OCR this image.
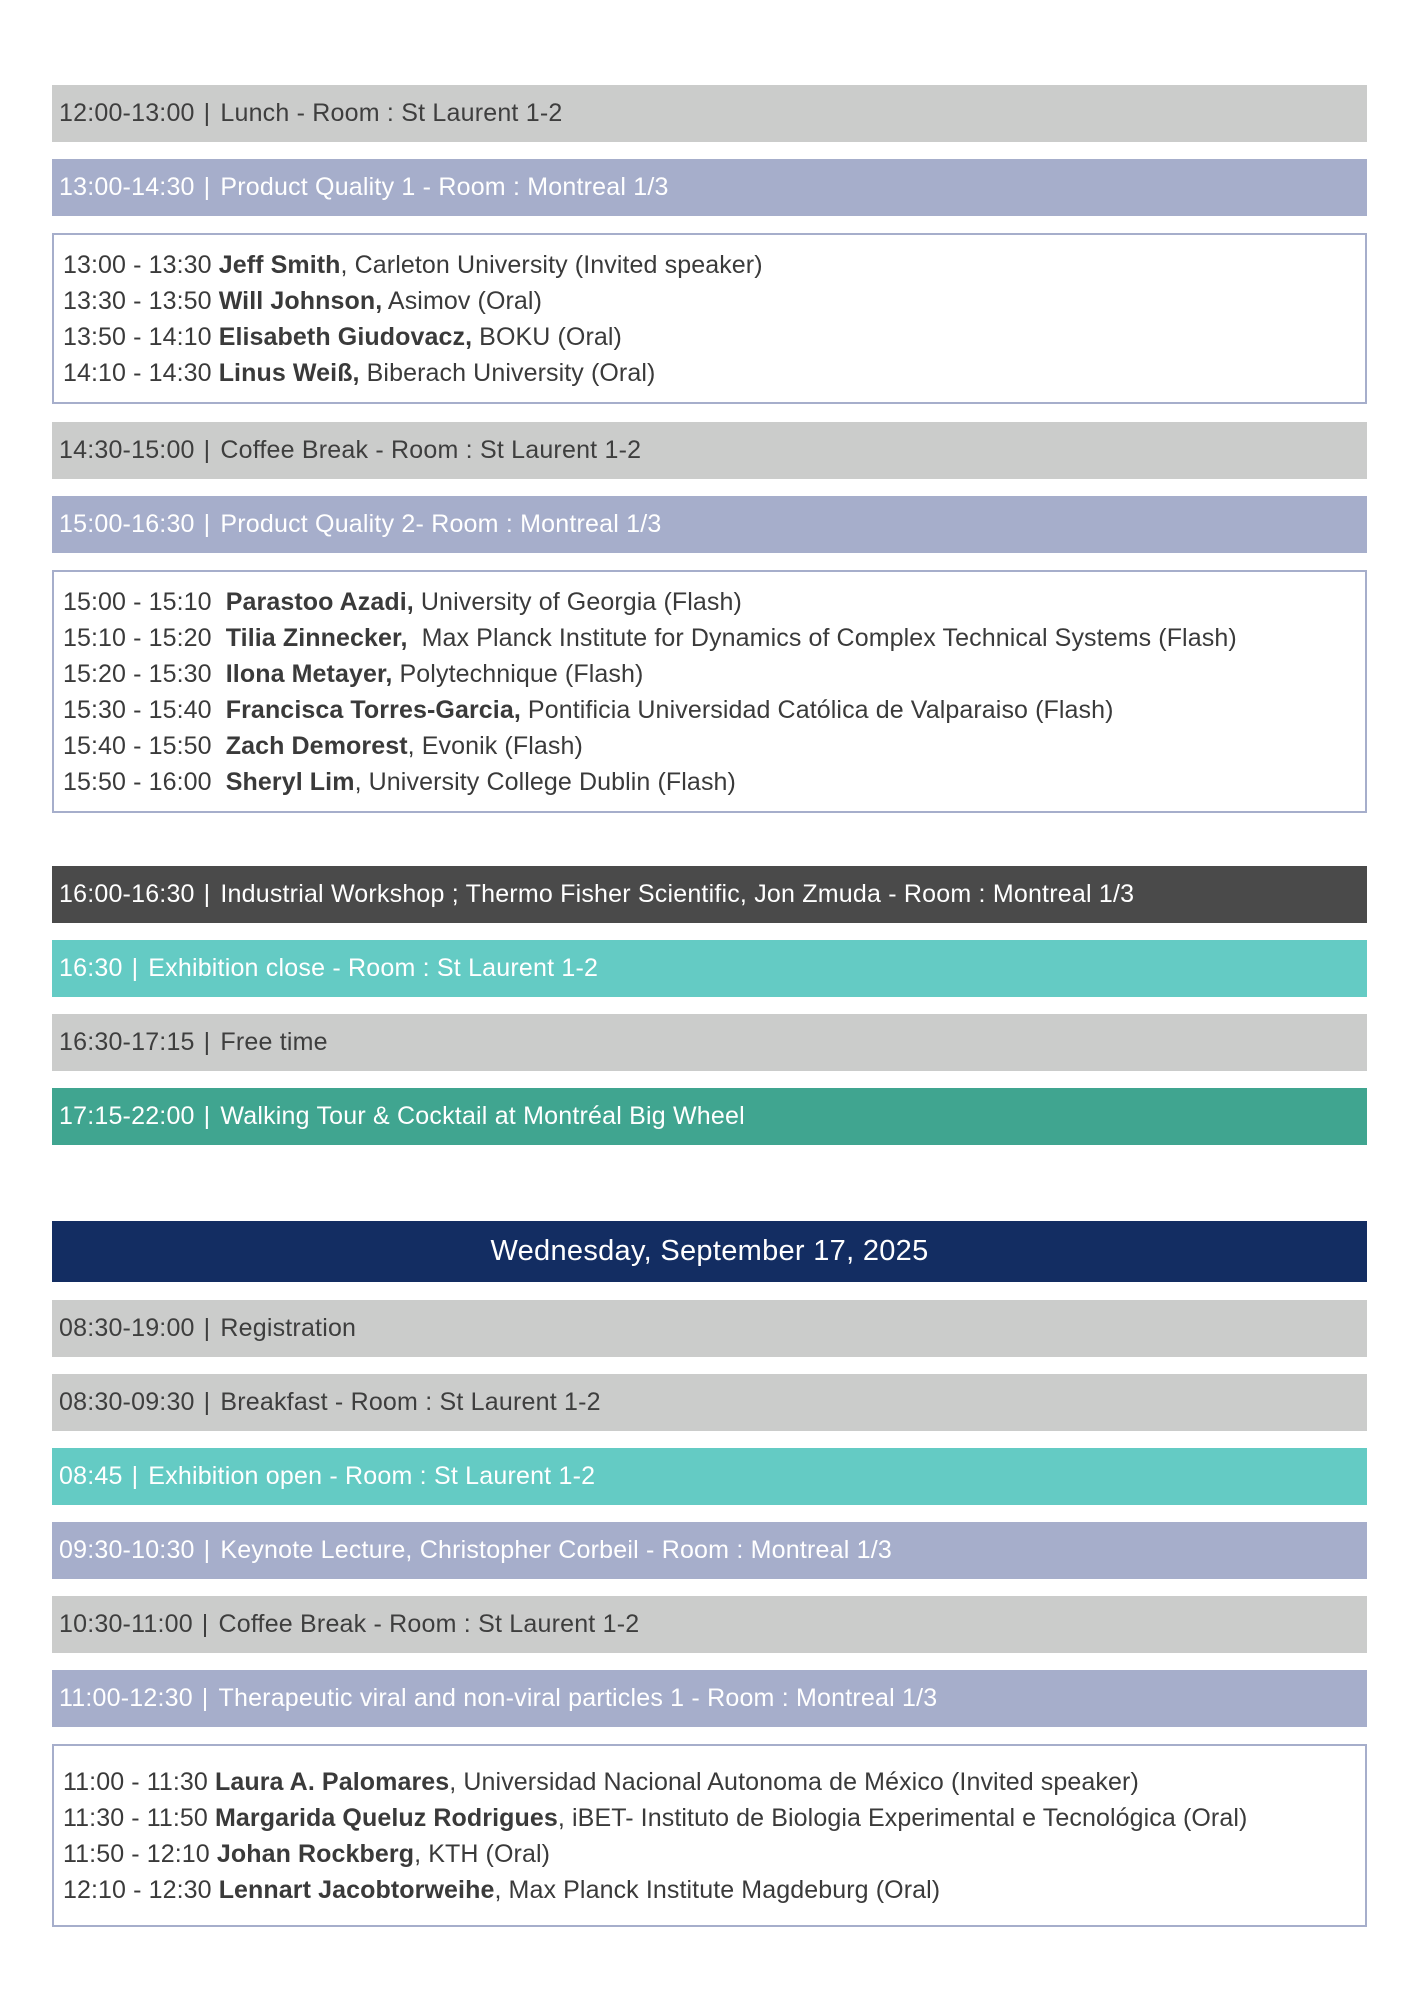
12:00-13:00 | Lunch - Room : St Laurent 1-2
13:00-14:30 | Product Quality 1 - Room : Montreal 1/3
13:00 - 13:30 Jeff Smith, Carleton University (Invited speaker)
13:30 - 13:50 Will Johnson, Asimov (Oral)
13:50 - 14:10 Elisabeth Giudovacz, BOKU (Oral)
14:10 - 14:30 Linus Weiß, Biberach University (Oral)
14:30-15:00 | Coffee Break - Room : St Laurent 1-2
15:00-16:30 | Product Quality 2- Room : Montreal 1/3
15:00 - 15:10 Parastoo Azadi, University of Georgia (Flash)
15:10 - 15:20 Tilia Zinnecker,  Max Planck Institute for Dynamics of Complex Technical Systems (Flash)
15:20 - 15:30 Ilona Metayer, Polytechnique (Flash)
15:30 - 15:40 Francisca Torres-Garcia, Pontificia Universidad Católica de Valparaiso (Flash)
15:40 - 15:50 Zach Demorest, Evonik (Flash)
15:50 - 16:00 Sheryl Lim, University College Dublin (Flash)
16:00-16:30 | Industrial Workshop ; Thermo Fisher Scientific, Jon Zmuda - Room : Montreal 1/3
16:30 | Exhibition close - Room : St Laurent 1-2
16:30-17:15 | Free time
17:15-22:00 | Walking Tour & Cocktail at Montréal Big Wheel
Wednesday, September 17, 2025
08:30-19:00 | Registration
08:30-09:30 | Breakfast - Room : St Laurent 1-2
08:45 | Exhibition open - Room : St Laurent 1-2
09:30-10:30 | Keynote Lecture, Christopher Corbeil - Room : Montreal 1/3
10:30-11:00 | Coffee Break - Room : St Laurent 1-2
11:00-12:30 | Therapeutic viral and non-viral particles 1 - Room : Montreal 1/3
11:00 - 11:30 Laura A. Palomares, Universidad Nacional Autonoma de México (Invited speaker)
11:30 - 11:50 Margarida Queluz Rodrigues, iBET- Instituto de Biologia Experimental e Tecnológica (Oral)
11:50 - 12:10 Johan Rockberg, KTH (Oral)
12:10 - 12:30 Lennart Jacobtorweihe, Max Planck Institute Magdeburg (Oral)
